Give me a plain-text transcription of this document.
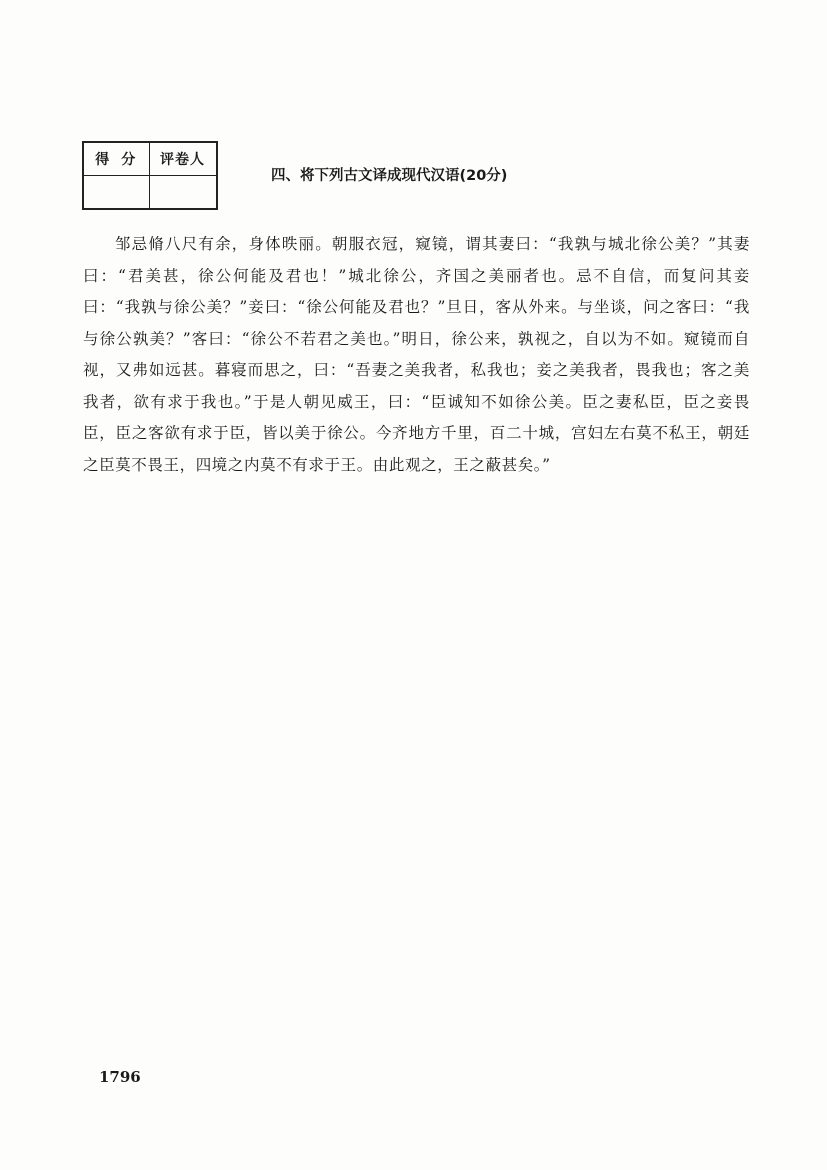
得分	评卷人

四、将下列古文译成现代汉语(20分)

邹忌脩八尺有余，身体昳丽。朝服衣冠，窥镜，谓其妻曰：“我孰与城北徐公美？”其妻曰：“君美甚，徐公何能及君也！”城北徐公，齐国之美丽者也。忌不自信，而复问其妾曰：“我孰与徐公美？”妾曰：“徐公何能及君也？”旦日，客从外来。与坐谈，问之客曰：“我与徐公孰美？”客曰：“徐公不若君之美也。”明日，徐公来，孰视之，自以为不如。窥镜而自视，又弗如远甚。暮寝而思之，曰：“吾妻之美我者，私我也；妾之美我者，畏我也；客之美我者，欲有求于我也。”于是人朝见威王，曰：“臣诚知不如徐公美。臣之妻私臣，臣之妾畏臣，臣之客欲有求于臣，皆以美于徐公。今齐地方千里，百二十城，宫妇左右莫不私王，朝廷之臣莫不畏王，四境之内莫不有求于王。由此观之，王之蔽甚矣。”

1796
